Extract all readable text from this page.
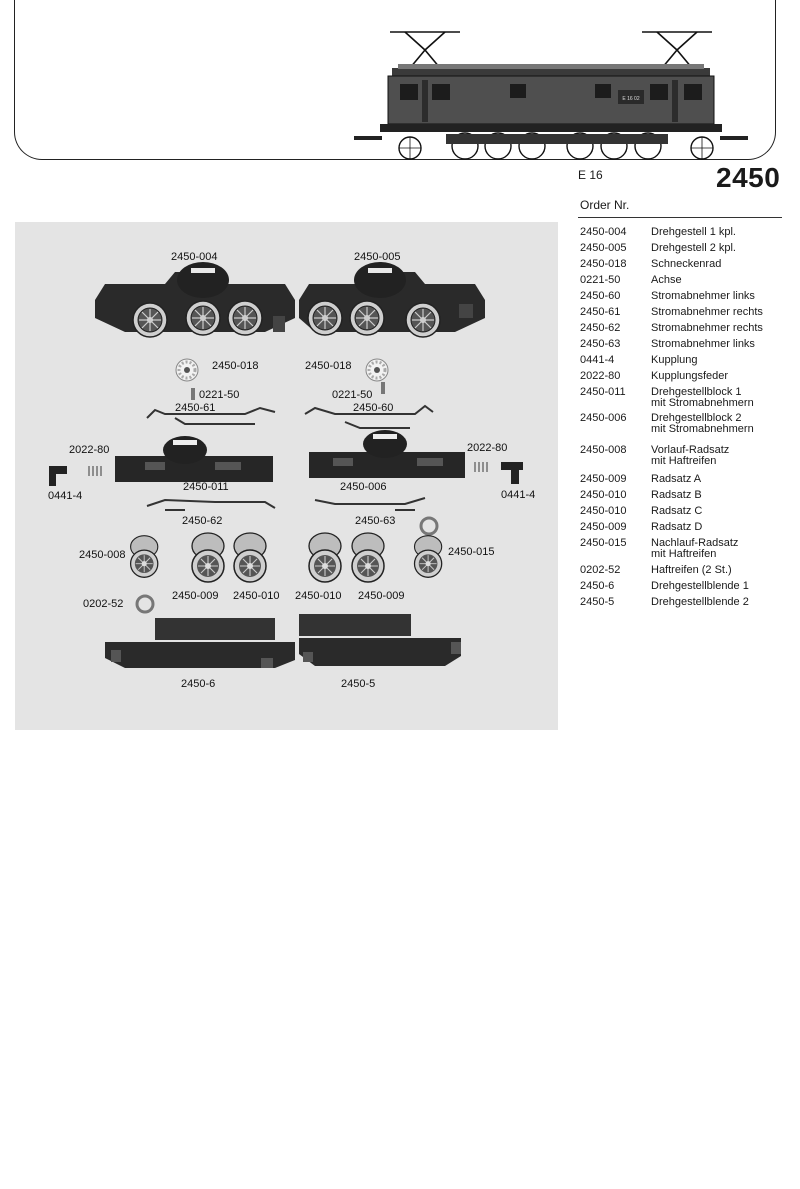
E 16 02
E 16	2450
Order Nr.
2450-004	Drehgestell 1 kpl.
2450-005	Drehgestell 2 kpl.
2450-018	Schneckenrad
0221-50	Achse
2450-60	Stromabnehmer links
2450-61	Stromabnehmer rechts
2450-62	Stromabnehmer rechts
2450-63	Stromabnehmer links
0441-4	Kupplung
2022-80	Kupplungsfeder
2450-011	Drehgestellblock 1
mit Stromabnehmern
2450-006	Drehgestellblock 2
mit Stromabnehmern
2450-008	Vorlauf-Radsatz
mit Haftreifen
2450-009	Radsatz A
2450-010	Radsatz B
2450-010	Radsatz C
2450-009	Radsatz D
2450-015	Nachlauf-Radsatz
mit Haftreifen
0202-52	Haftreifen (2 St.)
2450-6	Drehgestellblende 1
2450-5	Drehgestellblende 2
2450-004	2450-005
2450-018	2450-018
0221-50	0221-50
2450-61	2450-60
2022-80	2022-80
0441-4	0441-4
2450-011	2450-006
2450-62	2450-63
2450-008	2450-015
0202-52
2450-009 2450-010 2450-010 2450-009
2450-6	2450-5
